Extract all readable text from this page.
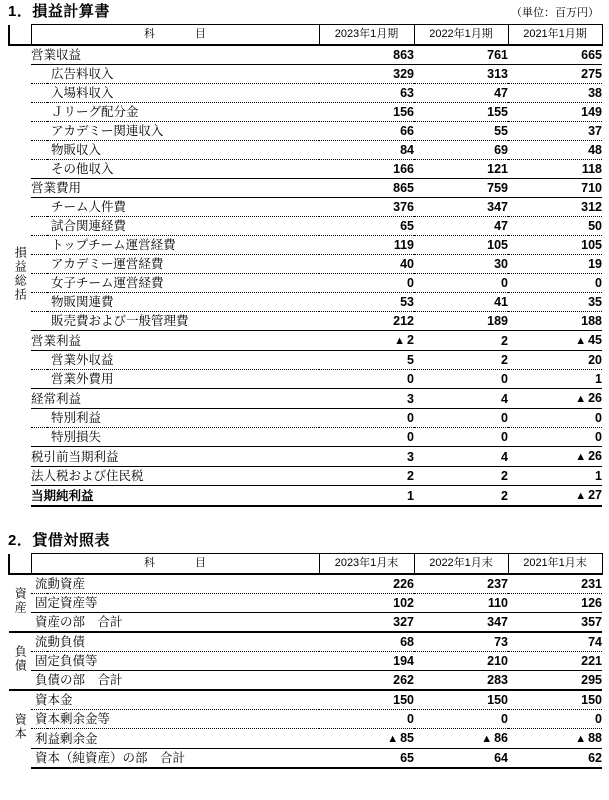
1．損益計算書	（単位：百万円）
	科　　目		2023年1月期	2022年1月期	2021年1月期
損益総括	営業収益		863	761	665
		広告料収入	329	313	275
		入場料収入	63	47	38
		Ｊリーグ配分金	156	155	149
		アカデミー関連収入	66	55	37
		物販収入	84	69	48
		その他収入	166	121	118
	営業費用		865	759	710
		チーム人件費	376	347	312
		試合関連経費	65	47	50
		トップチーム運営経費	119	105	105
		アカデミー運営経費	40	30	19
		女子チーム運営経費	0	0	0
		物販関連費	53	41	35
		販売費および一般管理費	212	189	188
	営業利益		▲ 2	2	▲ 45
		営業外収益	5	2	20
		営業外費用	0	0	1
	経常利益		3	4	▲ 26
		特別利益	0	0	0
		特別損失	0	0	0
	税引前当期利益		3	4	▲ 26
	法人税および住民税		2	2	1
	当期純利益		1	2	▲ 27
2．貸借対照表
	科　　目	2023年1月末	2022年1月末	2021年1月末
資産	流動資産	226	237	231
	固定資産等	102	110	126
	資産の部　合計	327	347	357
負債	流動負債	68	73	74
	固定負債等	194	210	221
	負債の部　合計	262	283	295
資本	資本金	150	150	150
	資本剰余金等	0	0	0
	利益剰余金	▲ 85	▲ 86	▲ 88
	資本（純資産）の部　合計	65	64	62
